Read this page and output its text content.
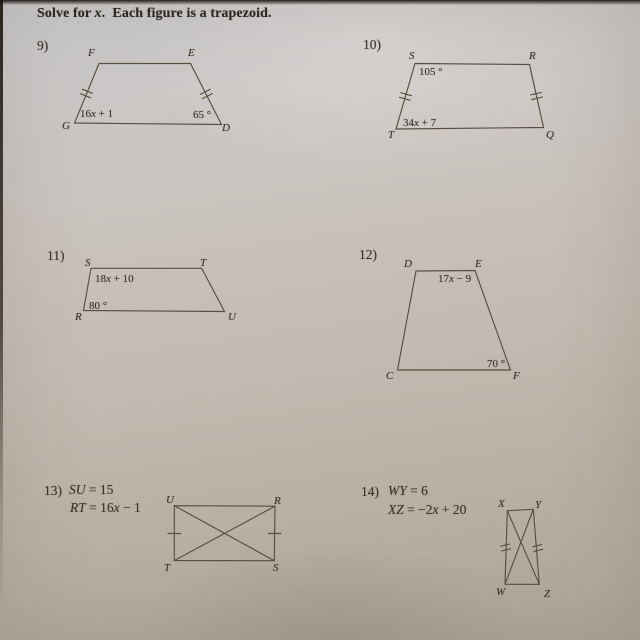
Solve for x.  Each figure is a trapezoid.
9)	F	E
G	D
16x + 1	65 °
10)
S	R
T	Q
105 °
34x + 7
11) S	T
R	U
18x + 10
80 °
12)
D	E
C	F
17x − 9
70 °
13) SU = 15
RT = 16x − 1 U	R
T	S
14) WY = 6
XZ = −2x + 20	X	Y
W	Z
